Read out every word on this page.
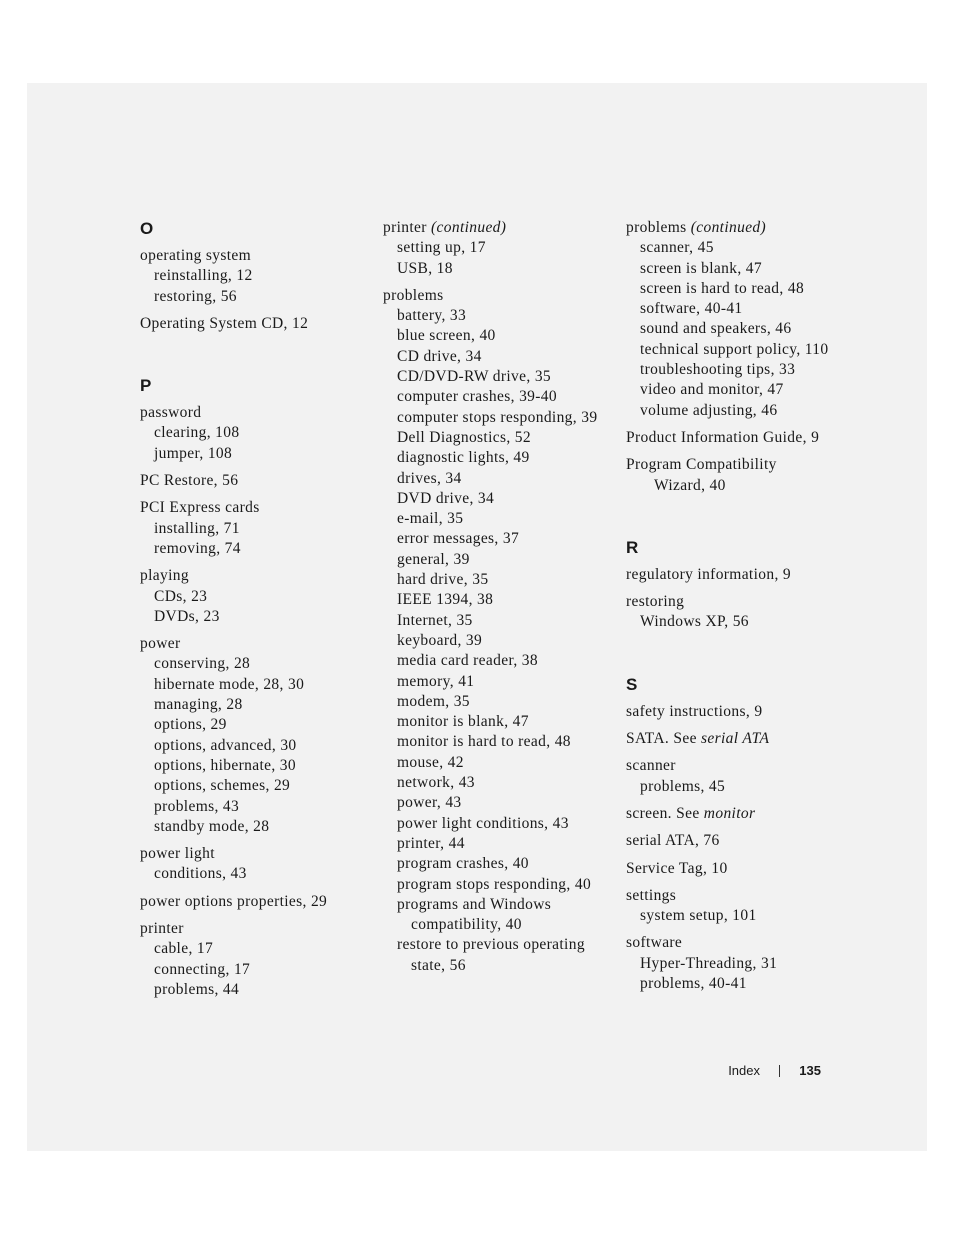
O
operating system
reinstalling, 12
restoring, 56
Operating System CD, 12
P
password
clearing, 108
jumper, 108
PC Restore, 56
PCI Express cards
installing, 71
removing, 74
playing
CDs, 23
DVDs, 23
power
conserving, 28
hibernate mode, 28, 30
managing, 28
options, 29
options, advanced, 30
options, hibernate, 30
options, schemes, 29
problems, 43
standby mode, 28
power light
conditions, 43
power options properties, 29
printer
cable, 17
connecting, 17
problems, 44
printer (continued)
setting up, 17
USB, 18
problems
battery, 33
blue screen, 40
CD drive, 34
CD/DVD-RW drive, 35
computer crashes, 39-40
computer stops responding, 39
Dell Diagnostics, 52
diagnostic lights, 49
drives, 34
DVD drive, 34
e-mail, 35
error messages, 37
general, 39
hard drive, 35
IEEE 1394, 38
Internet, 35
keyboard, 39
media card reader, 38
memory, 41
modem, 35
monitor is blank, 47
monitor is hard to read, 48
mouse, 42
network, 43
power, 43
power light conditions, 43
printer, 44
program crashes, 40
program stops responding, 40
programs and Windows
compatibility, 40
restore to previous operating
state, 56
problems (continued)
scanner, 45
screen is blank, 47
screen is hard to read, 48
software, 40-41
sound and speakers, 46
technical support policy, 110
troubleshooting tips, 33
video and monitor, 47
volume adjusting, 46
Product Information Guide, 9
Program Compatibility
Wizard, 40
R
regulatory information, 9
restoring
Windows XP, 56
S
safety instructions, 9
SATA. See serial ATA
scanner
problems, 45
screen. See monitor
serial ATA, 76
Service Tag, 10
settings
system setup, 101
software
Hyper-Threading, 31
problems, 40-41
Index	135
